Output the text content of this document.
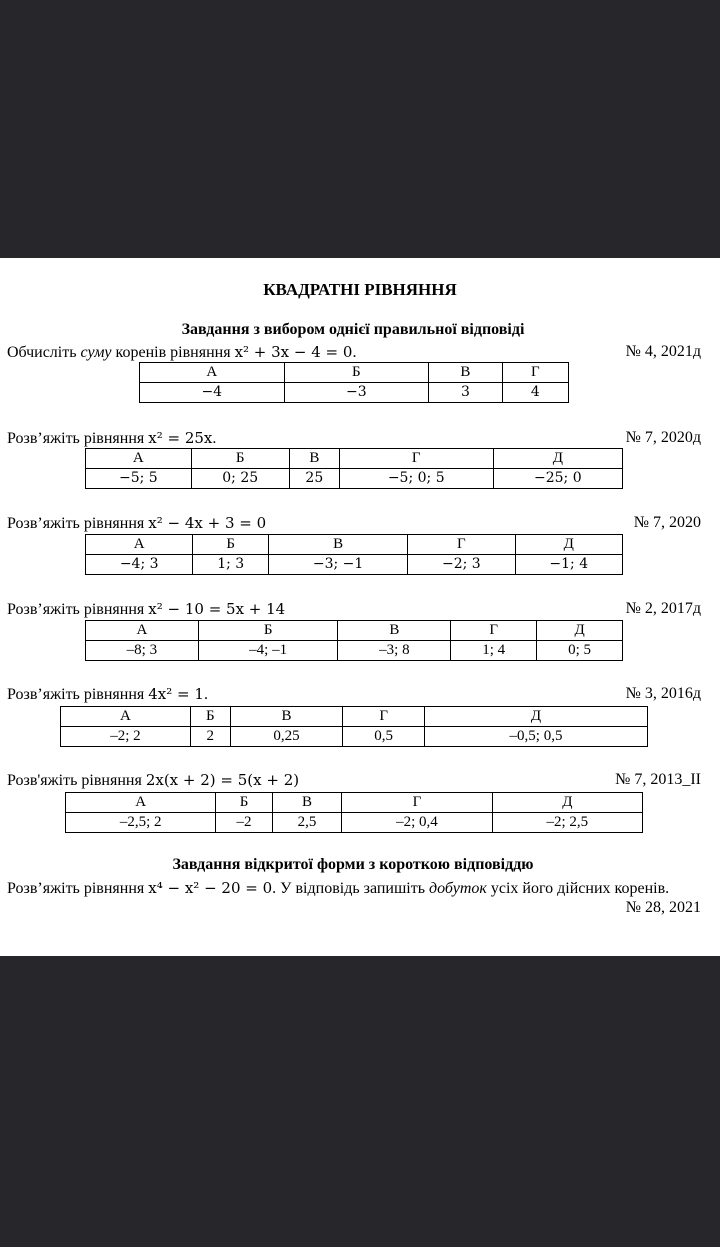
КВАДРАТНІ РІВНЯННЯ
Завдання з вибором однієї правильної відповіді
Обчисліть суму коренів рівняння x² + 3x − 4 = 0.	№ 4, 2021д
А	Б	В	Г
−4	−3	3	4
Розв’яжіть рівняння x² = 25x.	№ 7, 2020д
А	Б	В	Г	Д
−5; 5	0; 25	25	−5; 0; 5	−25; 0
Розв’яжіть рівняння x² − 4x + 3 = 0	№ 7, 2020
А	Б	В	Г	Д
−4; 3	1; 3	−3; −1	−2; 3	−1; 4
Розв’яжіть рівняння x² − 10 = 5x + 14	№ 2, 2017д
А	Б	В	Г	Д
–8; 3	–4; –1	–3; 8	1; 4	0; 5
Розв’яжіть рівняння 4x² = 1.	№ 3, 2016д
А	Б	В	Г	Д
–2; 2	2	0,25	0,5	–0,5; 0,5
Розв'яжіть рівняння 2x(x + 2) = 5(x + 2)	№ 7, 2013_ІІ
А	Б	В	Г	Д
–2,5; 2	–2	2,5	–2; 0,4	–2; 2,5
Завдання відкритої форми з короткою відповіддю
Розв’яжіть рівняння x⁴ − x² − 20 = 0. У відповідь запишіть добуток усіх його дійсних коренів.
№ 28, 2021
